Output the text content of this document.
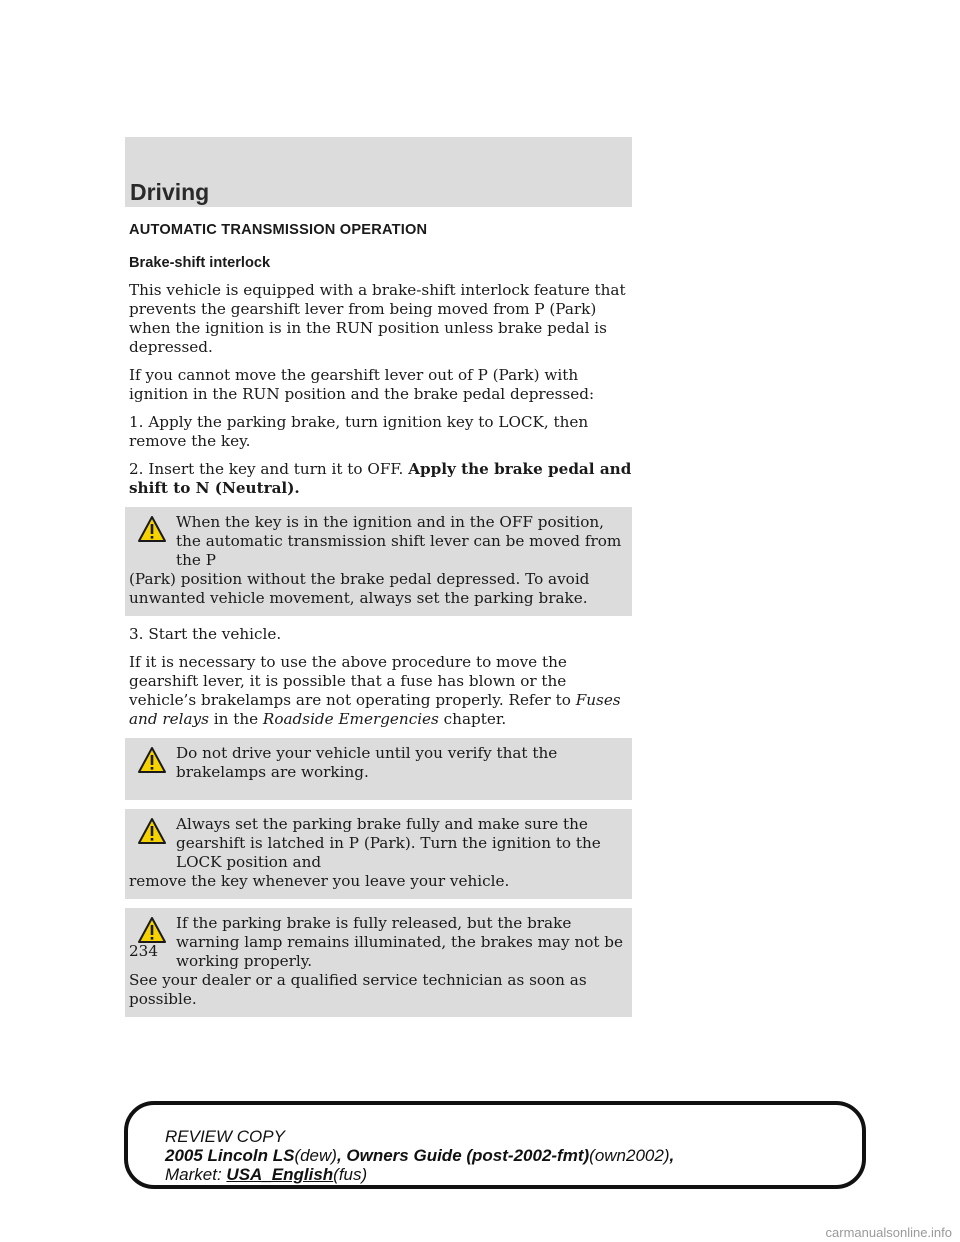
Driving
AUTOMATIC TRANSMISSION OPERATION
Brake-shift interlock

This vehicle is equipped with a brake-shift interlock feature that prevents the gearshift lever from being moved from P (Park) when the ignition is in the RUN position unless brake pedal is depressed.

If you cannot move the gearshift lever out of P (Park) with ignition in the RUN position and the brake pedal depressed:

1. Apply the parking brake, turn ignition key to LOCK, then remove the key.

2. Insert the key and turn it to OFF. Apply the brake pedal and shift to N (Neutral).

When the key is in the ignition and in the OFF position, the automatic transmission shift lever can be moved from the P
(Park) position without the brake pedal depressed. To avoid unwanted vehicle movement, always set the parking brake.

3. Start the vehicle.

If it is necessary to use the above procedure to move the gearshift lever, it is possible that a fuse has blown or the vehicle’s brakelamps are not operating properly. Refer to Fuses and relays in the Roadside Emergencies chapter.

Do not drive your vehicle until you verify that the brakelamps are working.
Always set the parking brake fully and make sure the gearshift is latched in P (Park). Turn the ignition to the LOCK position and
remove the key whenever you leave your vehicle.
If the parking brake is fully released, but the brake warning lamp remains illuminated, the brakes may not be working properly.
See your dealer or a qualified service technician as soon as possible.
234
REVIEW COPY
2005 Lincoln LS(dew), Owners Guide (post-2002-fmt)(own2002),
Market: USA_English(fus)
carmanualsonline.info
